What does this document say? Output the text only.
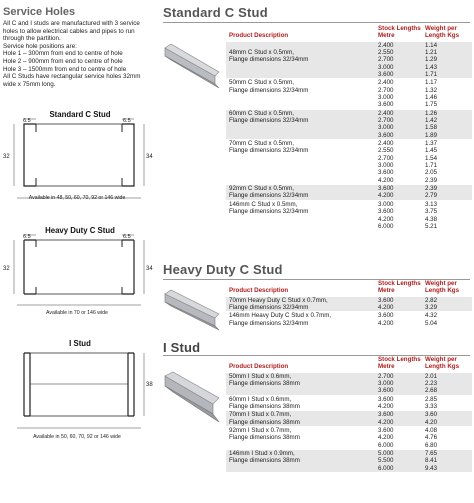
Service Holes

All C and I studs are manufactured with 3 service holes to allow electrical cables and pipes to run through the partition.

Service hole positions are:

Hole 1 – 300mm from end to centre of hole

Hole 2 – 900mm from end to centre of hole

Hole 3 – 1500mm from end to centre of hole

All C Studs have rectangular service holes 32mm wide x 75mm long.

Standard C Stud
6.5	6.5
32	34
Available in 48, 50, 60, 70, 92 or 146 wide
Heavy Duty C Stud
6.5	6.5
32	34
Available in 70 or 146 wide
I Stud
38
Available in 50, 60, 70, 92 or 146 wide
Standard C Stud
Product Description	Stock Lengths Metre	Weight per Length Kgs
	2.400	1.14
48mm C Stud x 0.5mm,	2.550	1.21
Flange dimensions 32/34mm	2.700	1.29
	3.000	1.43
	3.600	1.71
50mm C Stud x 0.5mm,	2.400	1.17
Flange dimensions 32/34mm	2.700	1.32
	3.000	1.46
	3.600	1.75
60mm C Stud x 0.5mm,	2.400	1.26
Flange dimensions 32/34mm	2.700	1.42
	3.000	1.58
	3.600	1.89
70mm C Stud x 0.5mm,	2.400	1.37
Flange dimensions 32/34mm	2.550	1.45
	2.700	1.54
	3.000	1.71
	3.600	2.05
	4.200	2.39
92mm C Stud x 0.5mm,	3.600	2.39
Flange dimensions 32/34mm	4.200	2.79
146mm C Stud x 0.5mm,	3.000	3.13
Flange dimensions 32/34mm	3.600	3.75
	4.200	4.38
	6.000	5.21
Heavy Duty C Stud
Product Description	Stock Lengths Metre	Weight per Length Kgs
70mm Heavy Duty C Stud x 0.7mm,	3.600	2.82
Flange dimensions 32/34mm	4.200	3.29
146mm Heavy Duty C Stud x 0.7mm,	3.600	4.32
Flange dimensions 32/34mm	4.200	5.04
I Stud
Product Description	Stock Lengths Metre	Weight per Length Kgs
50mm I Stud x 0.6mm,	2.700	2.01
Flange dimensions 38mm	3.000	2.23
	3.600	2.68
60mm I Stud x 0.6mm,	3.600	2.85
Flange dimensions 38mm	4.200	3.33
70mm I Stud x 0.7mm,	3.600	3.60
Flange dimensions 38mm	4.200	4.20
92mm I Stud x 0.7mm,	3.600	4.08
Flange dimensions 38mm	4.200	4.76
	6.000	6.80
146mm I Stud x 0.9mm,	5.000	7.65
Flange dimensions 38mm	5.500	8.41
	6.000	9.43
